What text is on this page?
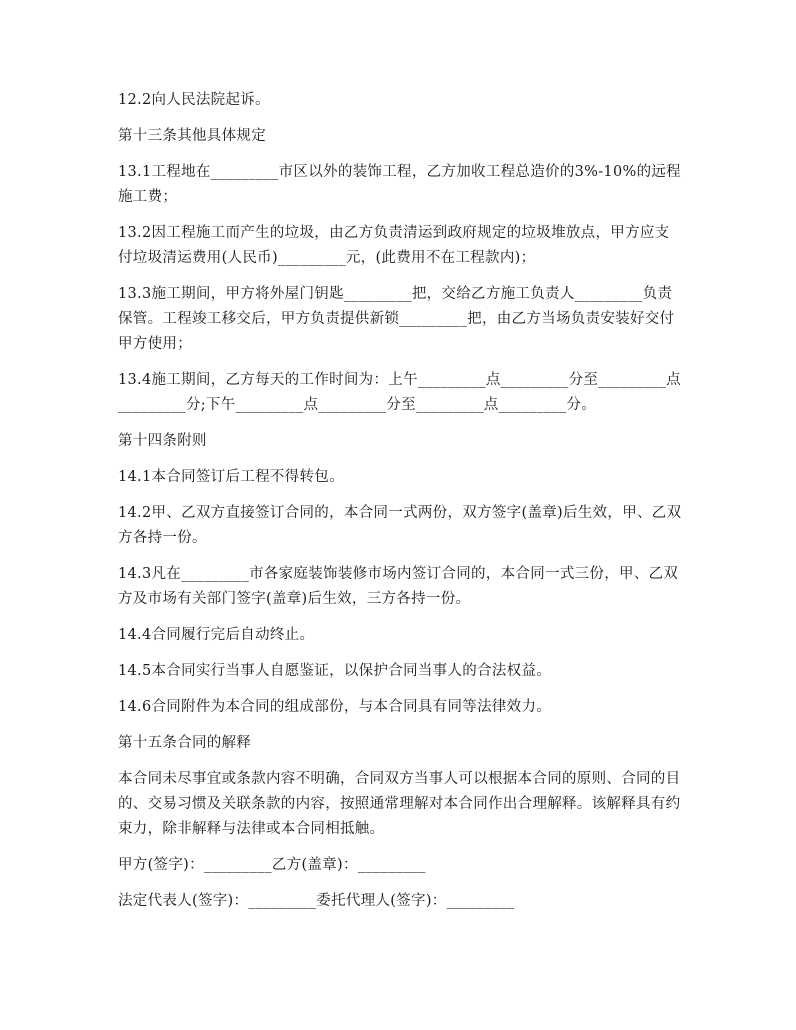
12.2向人民法院起诉。

第十三条其他具体规定

13.1工程地在_________市区以外的装饰工程，乙方加收工程总造价的3%-10%的远程施工费；

13.2因工程施工而产生的垃圾，由乙方负责清运到政府规定的垃圾堆放点，甲方应支付垃圾清运费用(人民币)_________元，(此费用不在工程款内)；

13.3施工期间，甲方将外屋门钥匙_________把，交给乙方施工负责人_________负责保管。工程竣工移交后，甲方负责提供新锁_________把，由乙方当场负责安装好交付甲方使用；

13.4施工期间，乙方每天的工作时间为：上午_________点_________分至_________点_________分;下午_________点_________分至_________点_________分。

第十四条附则

14.1本合同签订后工程不得转包。

14.2甲、乙双方直接签订合同的，本合同一式两份，双方签字(盖章)后生效，甲、乙双方各持一份。

14.3凡在_________市各家庭装饰装修市场内签订合同的，本合同一式三份，甲、乙双方及市场有关部门签字(盖章)后生效，三方各持一份。

14.4合同履行完后自动终止。

14.5本合同实行当事人自愿鉴证，以保护合同当事人的合法权益。

14.6合同附件为本合同的组成部份，与本合同具有同等法律效力。

第十五条合同的解释

本合同未尽事宜或条款内容不明确，合同双方当事人可以根据本合同的原则、合同的目的、交易习惯及关联条款的内容，按照通常理解对本合同作出合理解释。该解释具有约束力，除非解释与法律或本合同相抵触。

甲方(签字)：_________乙方(盖章)：_________

法定代表人(签字)：_________委托代理人(签字)：_________
